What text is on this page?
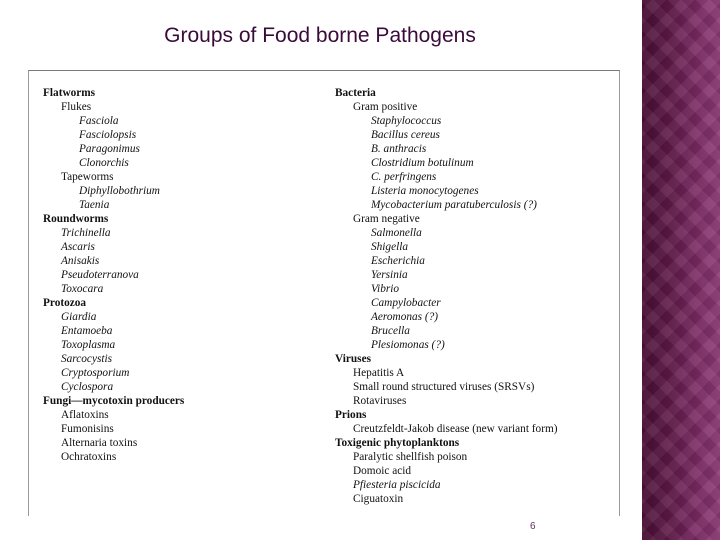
Groups of Food borne Pathogens
Flatworms
Flukes
Fasciola
Fasciolopsis
Paragonimus
Clonorchis
Tapeworms
Diphyllobothrium
Taenia
Roundworms
Trichinella
Ascaris
Anisakis
Pseudoterranova
Toxocara
Protozoa
Giardia
Entamoeba
Toxoplasma
Sarcocystis
Cryptosporium
Cyclospora
Fungi—mycotoxin producers
Aflatoxins
Fumonisins
Alternaria toxins
Ochratoxins
Bacteria
Gram positive
Staphylococcus
Bacillus cereus
B. anthracis
Clostridium botulinum
C. perfringens
Listeria monocytogenes
Mycobacterium paratuberculosis (?)
Gram negative
Salmonella
Shigella
Escherichia
Yersinia
Vibrio
Campylobacter
Aeromonas (?)
Brucella
Plesiomonas (?)
Viruses
Hepatitis A
Small round structured viruses (SRSVs)
Rotaviruses
Prions
Creutzfeldt-Jakob disease (new variant form)
Toxigenic phytoplanktons
Paralytic shellfish poison
Domoic acid
Pfiesteria piscicida
Ciguatoxin
6
